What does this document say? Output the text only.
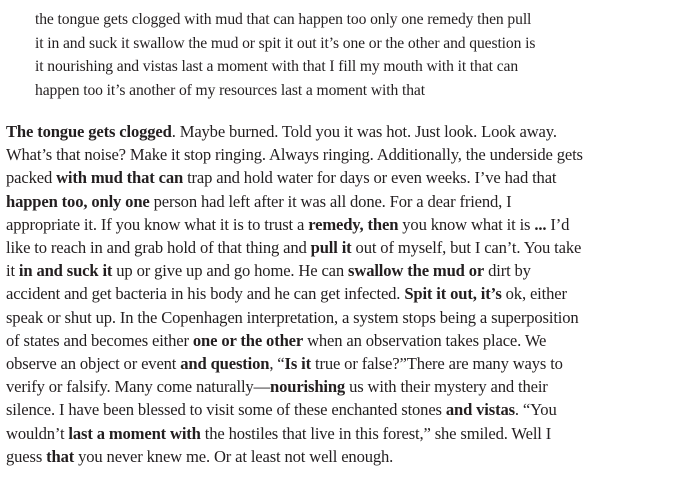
the tongue gets clogged with mud that can happen too only one remedy then pull
it in and suck it swallow the mud or spit it out it’s one or the other and question is
it nourishing and vistas last a moment with that I fill my mouth with it that can
happen too it’s another of my resources last a moment with that
The tongue gets clogged. Maybe burned. Told you it was hot. Just look. Look away.
What’s that noise? Make it stop ringing. Always ringing. Additionally, the underside gets
packed with mud that can trap and hold water for days or even weeks. I’ve had that
happen too, only one person had left after it was all done. For a dear friend, I
appropriate it. If you know what it is to trust a remedy, then you know what it is ... I’d
like to reach in and grab hold of that thing and pull it out of myself, but I can’t. You take
it in and suck it up or give up and go home. He can swallow the mud or dirt by
accident and get bacteria in his body and he can get infected. Spit it out, it’s ok, either
speak or shut up. In the Copenhagen interpretation, a system stops being a superposition
of states and becomes either one or the other when an observation takes place. We
observe an object or event and question, “Is it true or false?”There are many ways to
verify or falsify. Many come naturally—nourishing us with their mystery and their
silence. I have been blessed to visit some of these enchanted stones and vistas. “You
wouldn’t last a moment with the hostiles that live in this forest,” she smiled. Well I
guess that you never knew me. Or at least not well enough.
